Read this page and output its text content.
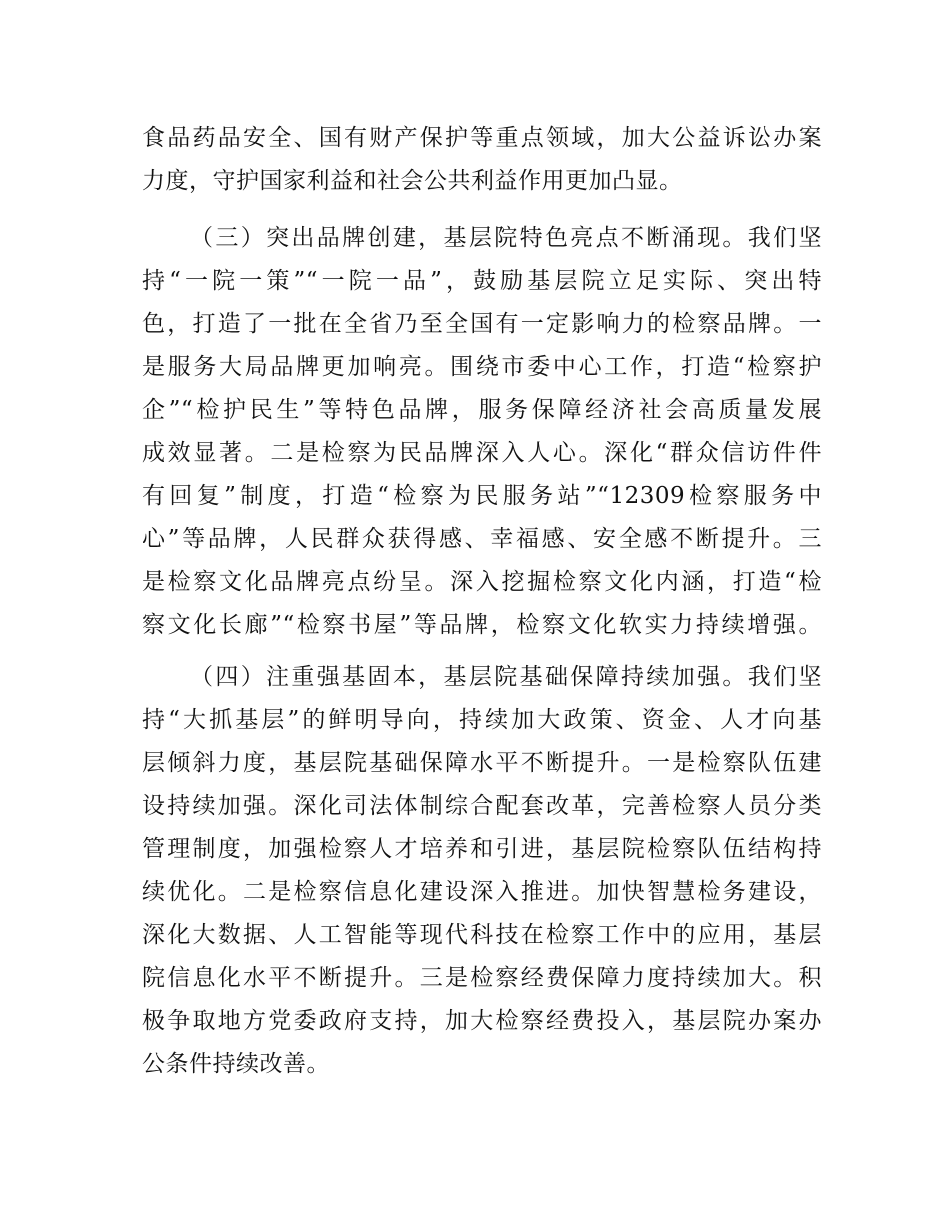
食品药品安全、国有财产保护等重点领域，加大公益诉讼办案
力度，守护国家利益和社会公共利益作用更加凸显。
（三）突出品牌创建，基层院特色亮点不断涌现。我们坚
持“一院一策”“一院一品”，鼓励基层院立足实际、突出特
色，打造了一批在全省乃至全国有一定影响力的检察品牌。一
是服务大局品牌更加响亮。围绕市委中心工作，打造“检察护
企”“检护民生”等特色品牌，服务保障经济社会高质量发展
成效显著。二是检察为民品牌深入人心。深化“群众信访件件
有回复”制度，打造“检察为民服务站”“12309检察服务中
心”等品牌，人民群众获得感、幸福感、安全感不断提升。三
是检察文化品牌亮点纷呈。深入挖掘检察文化内涵，打造“检
察文化长廊”“检察书屋”等品牌，检察文化软实力持续增强。
（四）注重强基固本，基层院基础保障持续加强。我们坚
持“大抓基层”的鲜明导向，持续加大政策、资金、人才向基
层倾斜力度，基层院基础保障水平不断提升。一是检察队伍建
设持续加强。深化司法体制综合配套改革，完善检察人员分类
管理制度，加强检察人才培养和引进，基层院检察队伍结构持
续优化。二是检察信息化建设深入推进。加快智慧检务建设，
深化大数据、人工智能等现代科技在检察工作中的应用，基层
院信息化水平不断提升。三是检察经费保障力度持续加大。积
极争取地方党委政府支持，加大检察经费投入，基层院办案办
公条件持续改善。
